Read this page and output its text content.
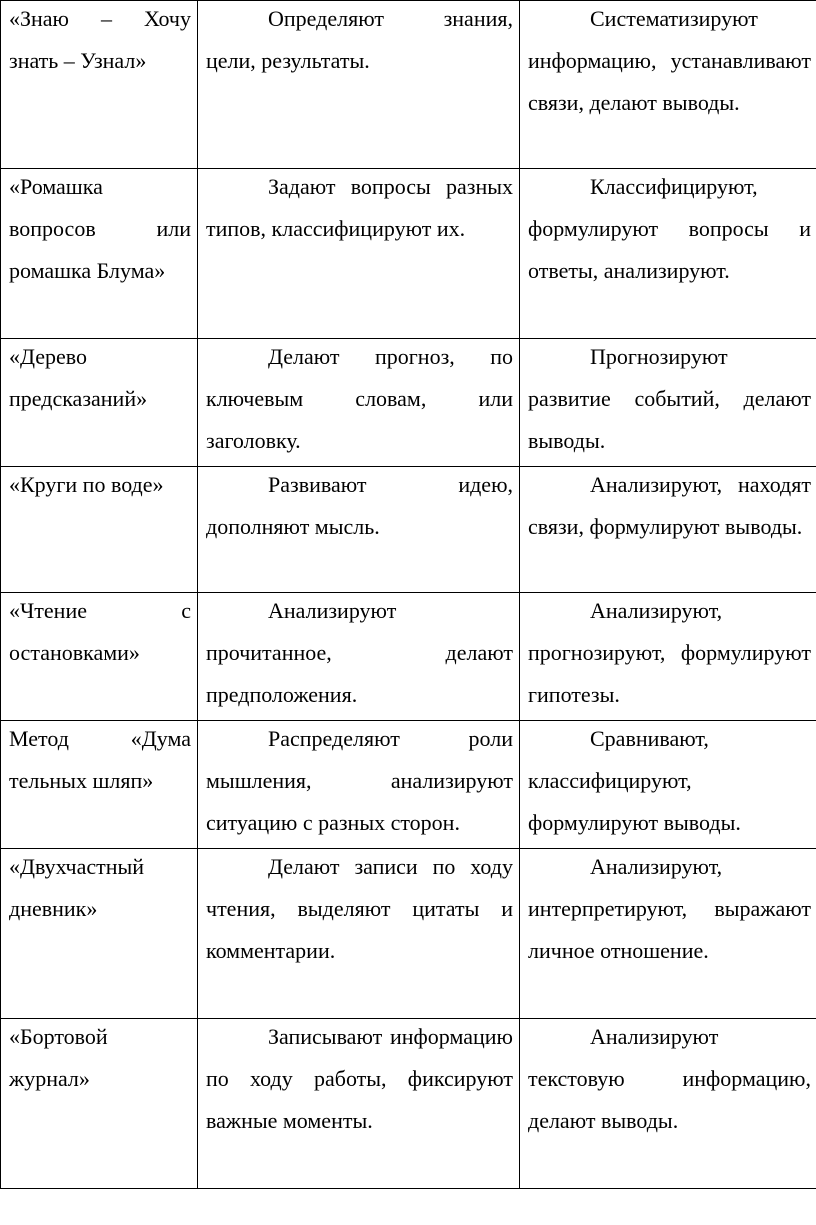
«Знаю – Хочу знать – Узнал»	Определяют знания, цели, результаты.	Систематизируют информацию, устанавливают связи, делают выводы.

«Ромашка вопросов или ромашка Блума»	Задают вопросы разных типов, классифицируют их.	Классифицируют, формулируют вопросы и ответы, анализируют.

«Дерево предсказаний»	Делают прогноз, по ключевым словам, или заголовку.	Прогнозируют развитие событий, делают выводы.

«Круги по воде»	Развивают идею, дополняют мысль.	Анализируют, находят связи, формулируют выводы.

«Чтение с остановками»	Анализируют прочитанное, делают предположения.	Анализируют, прогнозируют, формулируют гипотезы.

Метод «Дума тельных шляп»	Распределяют роли мышления, анализируют ситуацию с разных сторон.	Сравнивают, классифицируют, формулируют выводы.

«Двухчастный дневник»	Делают записи по ходу чтения, выделяют цитаты и комментарии.	Анализируют, интерпретируют, выражают личное отношение.

«Бортовой журнал»	Записывают информацию по ходу работы, фиксируют важные моменты.	Анализируют текстовую информацию, делают выводы.
